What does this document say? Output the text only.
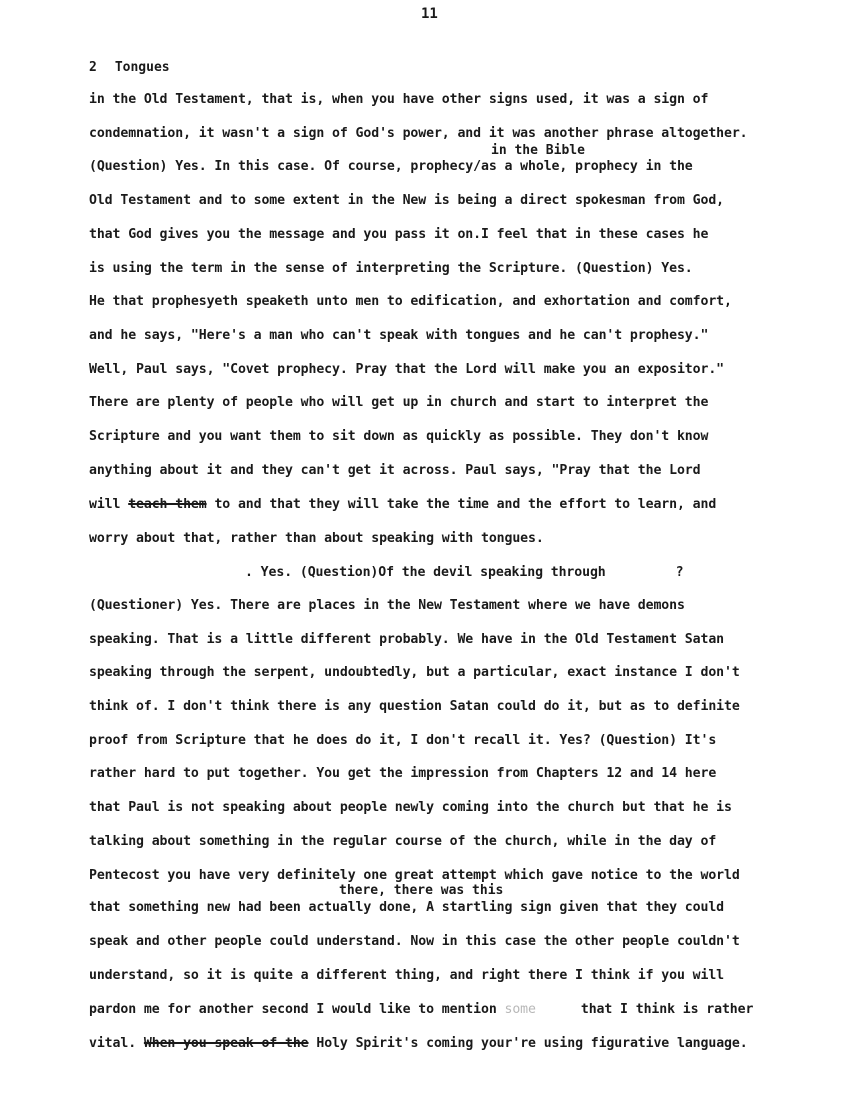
11
2 Tongues
in the Old Testament, that is, when you have other signs used, it was a sign of
condemnation, it wasn't a sign of God's power, and it was another phrase altogether.
in the Bible
(Question) Yes. In this case. Of course, prophecy/as a whole, prophecy in the
Old Testament and to some extent in the New is being a direct spokesman from God,
that God gives you the message and you pass it on.I feel that in these cases he
is using the term in the sense of interpreting the Scripture. (Question) Yes.
He that prophesyeth speaketh unto men to edification, and exhortation and comfort,
and he says, "Here's a man who can't speak with tongues and he can't prophesy."
Well, Paul says, "Covet prophecy. Pray that the Lord will make you an expositor."
There are plenty of people who will get up in church and start to interpret the
Scripture and you want them to sit down as quickly as possible. They don't know
anything about it and they can't get it across. Paul says, "Pray that the Lord
will teach them to and that they will take the time and the effort to learn, and
worry about that, rather than about speaking with tongues.
. Yes. (Question)Of the devil speaking through	?
(Questioner) Yes. There are places in the New Testament where we have demons
speaking. That is a little different probably. We have in the Old Testament Satan
speaking through the serpent, undoubtedly, but a particular, exact instance I don't
think of. I don't think there is any question Satan could do it, but as to definite
proof from Scripture that he does do it, I don't recall it. Yes? (Question) It's
rather hard to put together. You get the impression from Chapters 12 and 14 here
that Paul is not speaking about people newly coming into the church but that he is
talking about something in the regular course of the church, while in the day of
Pentecost you have very definitely one great attempt which gave notice to the world
there, there was this
that something new had been actually done, A startling sign given that they could
speak and other people could understand. Now in this case the other people couldn't
understand, so it is quite a different thing, and right there I think if you will
pardon me for another second I would like to mention some	that I think is rather
vital. When you speak of the Holy Spirit's coming your're using figurative language.
